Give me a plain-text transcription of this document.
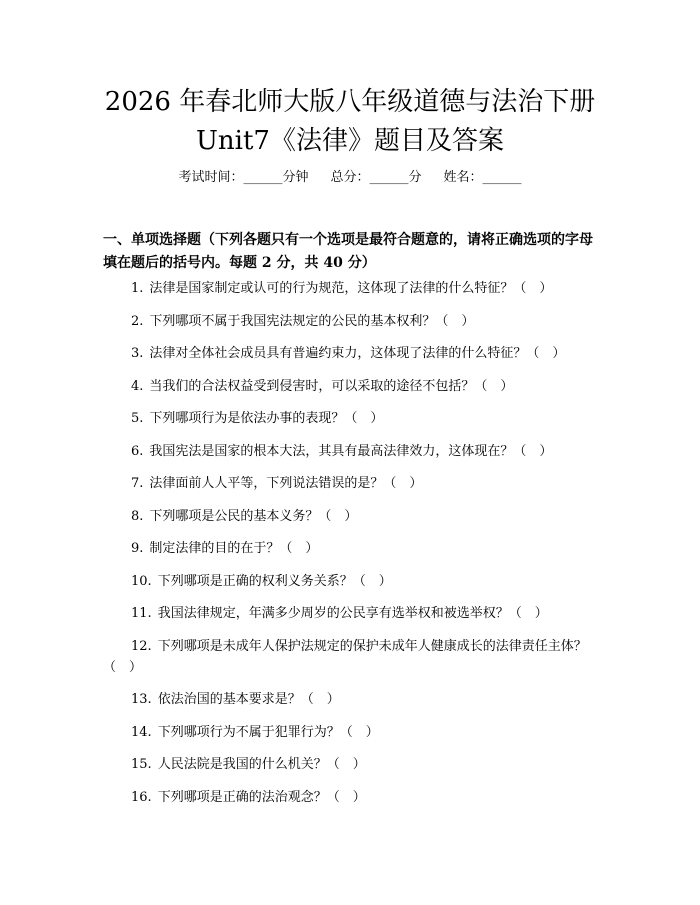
2026 年春北师大版八年级道德与法治下册
Unit7《法律》题目及答案
考试时间：______分钟 总分：______分 姓名：______

一、单项选择题（下列各题只有一个选项是最符合题意的，请将正确选项的字母填在题后的括号内。每题 2 分，共 40 分）

1. 法律是国家制定或认可的行为规范，这体现了法律的什么特征？（　）
2. 下列哪项不属于我国宪法规定的公民的基本权利？（　）
3. 法律对全体社会成员具有普遍约束力，这体现了法律的什么特征？（　）
4. 当我们的合法权益受到侵害时，可以采取的途径不包括？（　）
5. 下列哪项行为是依法办事的表现？（　）
6. 我国宪法是国家的根本大法，其具有最高法律效力，这体现在？（　）
7. 法律面前人人平等，下列说法错误的是？（　）
8. 下列哪项是公民的基本义务？（　）
9. 制定法律的目的在于？（　）
10. 下列哪项是正确的权利义务关系？（　）
11. 我国法律规定，年满多少周岁的公民享有选举权和被选举权？（　）
12. 下列哪项是未成年人保护法规定的保护未成年人健康成长的法律责任主体？（　）
13. 依法治国的基本要求是？（　）
14. 下列哪项行为不属于犯罪行为？（　）
15. 人民法院是我国的什么机关？（　）
16. 下列哪项是正确的法治观念？（　）
